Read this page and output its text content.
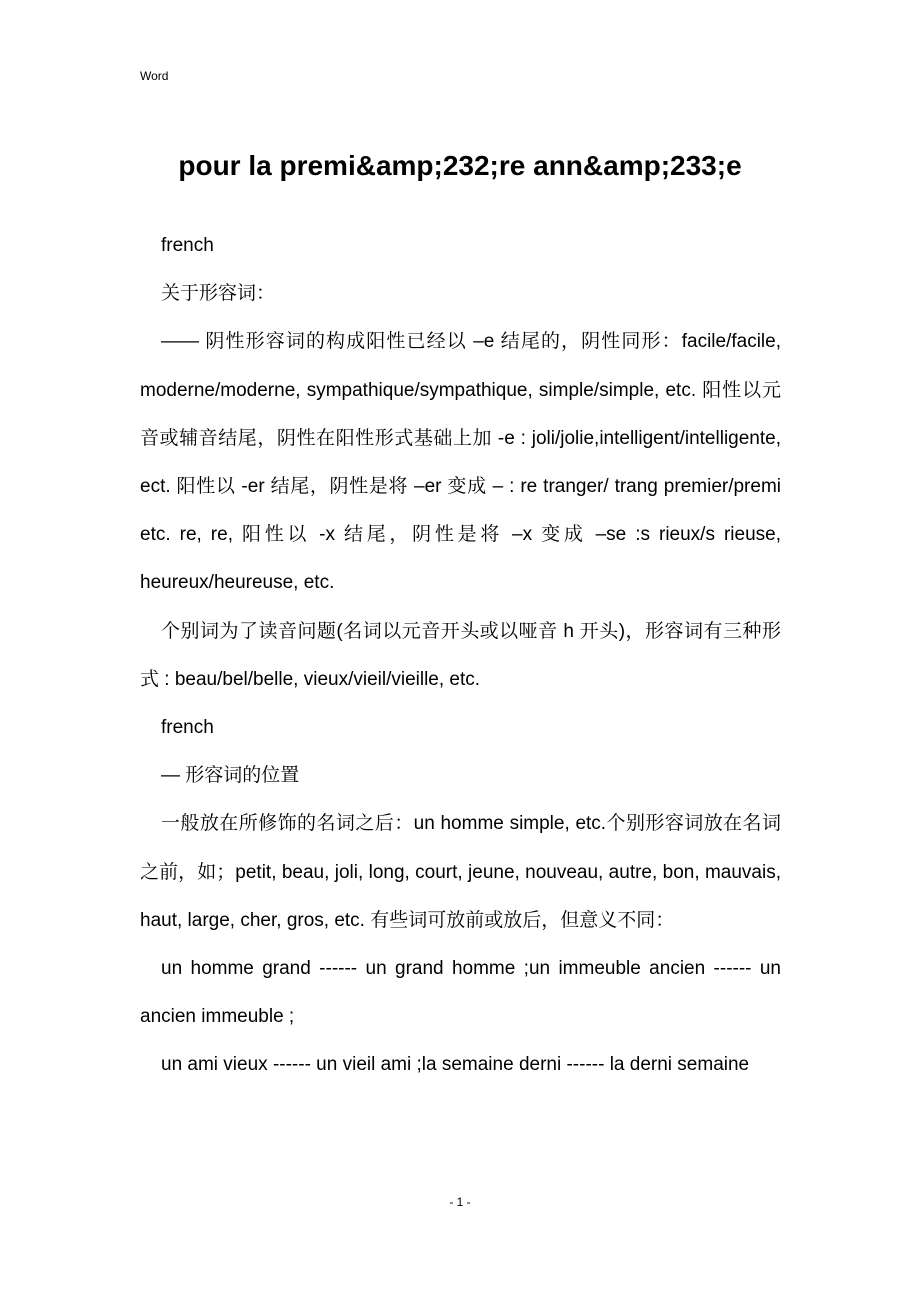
Word
pour la premi&amp;232;re ann&amp;233;e

french

关于形容词：

—— 阴性形容词的构成阳性已经以 –e 结尾的，阴性同形：facile/facile, moderne/moderne, sympathique/sympathique, simple/simple, etc. 阳性以元音或辅音结尾，阴性在阳性形式基础上加 -e : joli/jolie,intelligent/intelligente, ect. 阳性以 -er 结尾，阴性是将 –er 变成 – : re tranger/ trang premier/premi etc. re, re, 阳性以 -x 结尾，阴性是将 –x 变成 –se :s rieux/s rieuse, heureux/heureuse, etc.

个别词为了读音问题(名词以元音开头或以哑音 h 开头)，形容词有三种形式 : beau/bel/belle, vieux/vieil/vieille, etc.

french

— 形容词的位置

一般放在所修饰的名词之后：un homme simple, etc.个别形容词放在名词之前，如；petit, beau, joli, long, court, jeune, nouveau, autre, bon, mauvais, haut, large, cher, gros, etc. 有些词可放前或放后，但意义不同：

un homme grand ------ un grand homme ;un immeuble ancien ------ un ancien immeuble ;

un ami vieux ------ un vieil ami ;la semaine derni ------ la derni semaine

- 1 -
